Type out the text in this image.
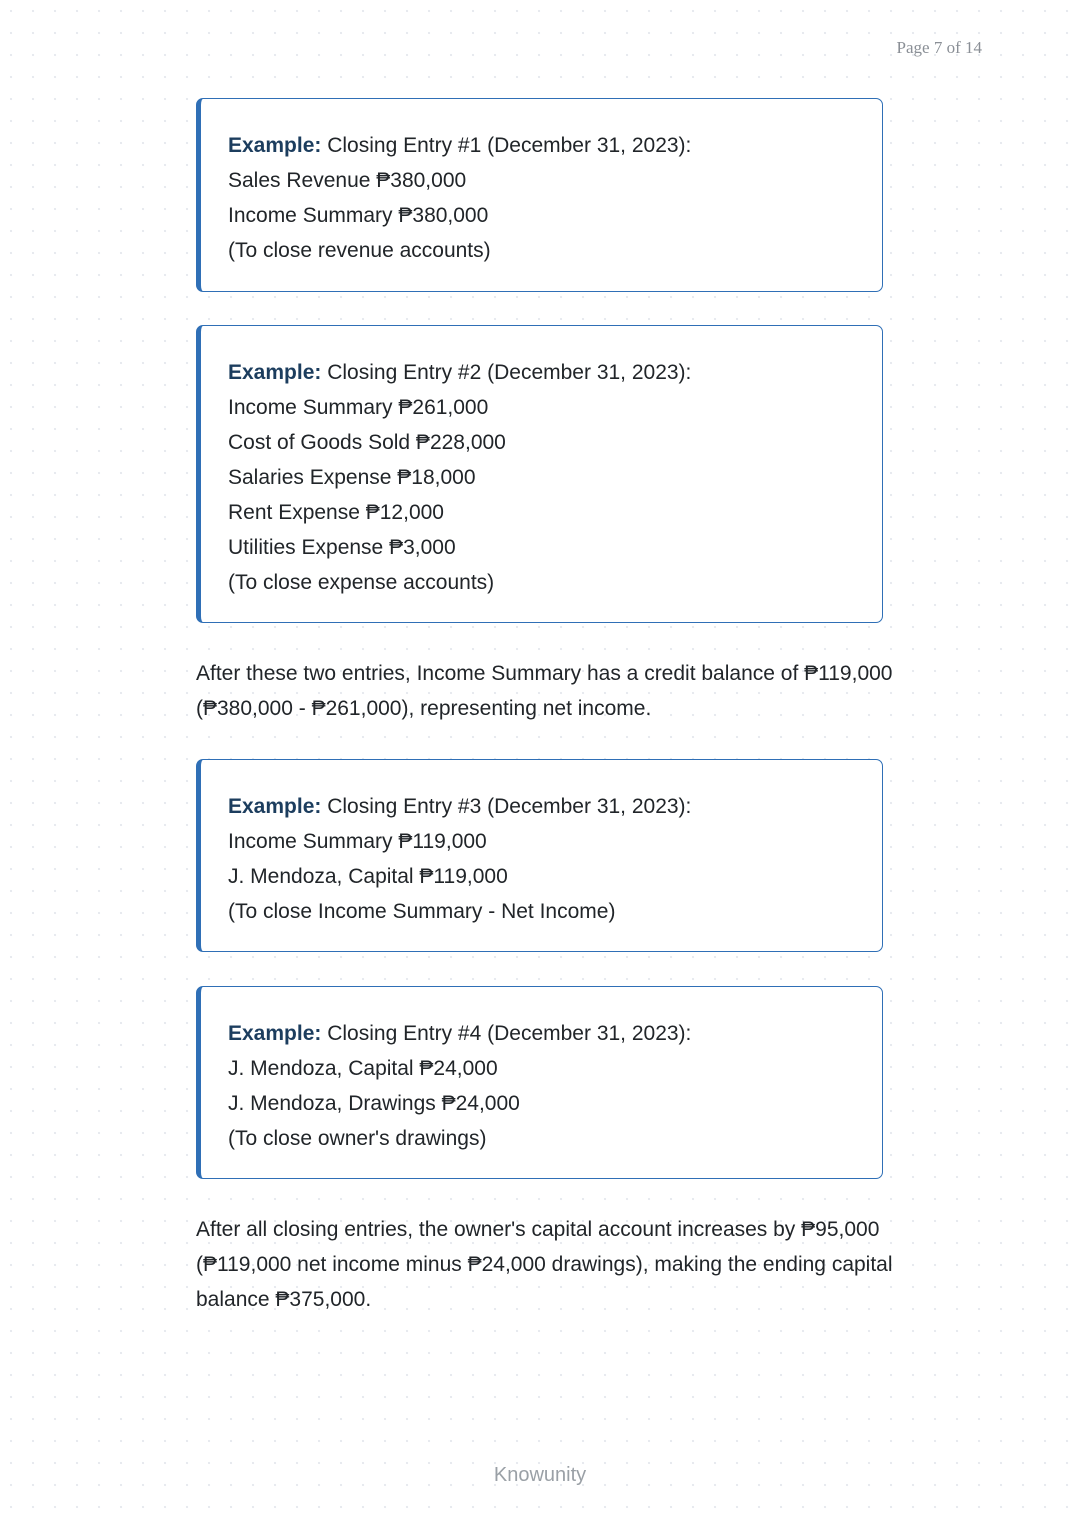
Page 7 of 14
Example: Closing Entry #1 (December 31, 2023):
Sales Revenue ₱380,000
Income Summary ₱380,000
(To close revenue accounts)
Example: Closing Entry #2 (December 31, 2023):
Income Summary ₱261,000
Cost of Goods Sold ₱228,000
Salaries Expense ₱18,000
Rent Expense ₱12,000
Utilities Expense ₱3,000
(To close expense accounts)

After these two entries, Income Summary has a credit balance of ₱119,000 (₱380,000 - ₱261,000), representing net income.

Example: Closing Entry #3 (December 31, 2023):
Income Summary ₱119,000
J. Mendoza, Capital ₱119,000
(To close Income Summary - Net Income)
Example: Closing Entry #4 (December 31, 2023):
J. Mendoza, Capital ₱24,000
J. Mendoza, Drawings ₱24,000
(To close owner's drawings)

After all closing entries, the owner's capital account increases by ₱95,000 (₱119,000 net income minus ₱24,000 drawings), making the ending capital balance ₱375,000.

Knowunity
